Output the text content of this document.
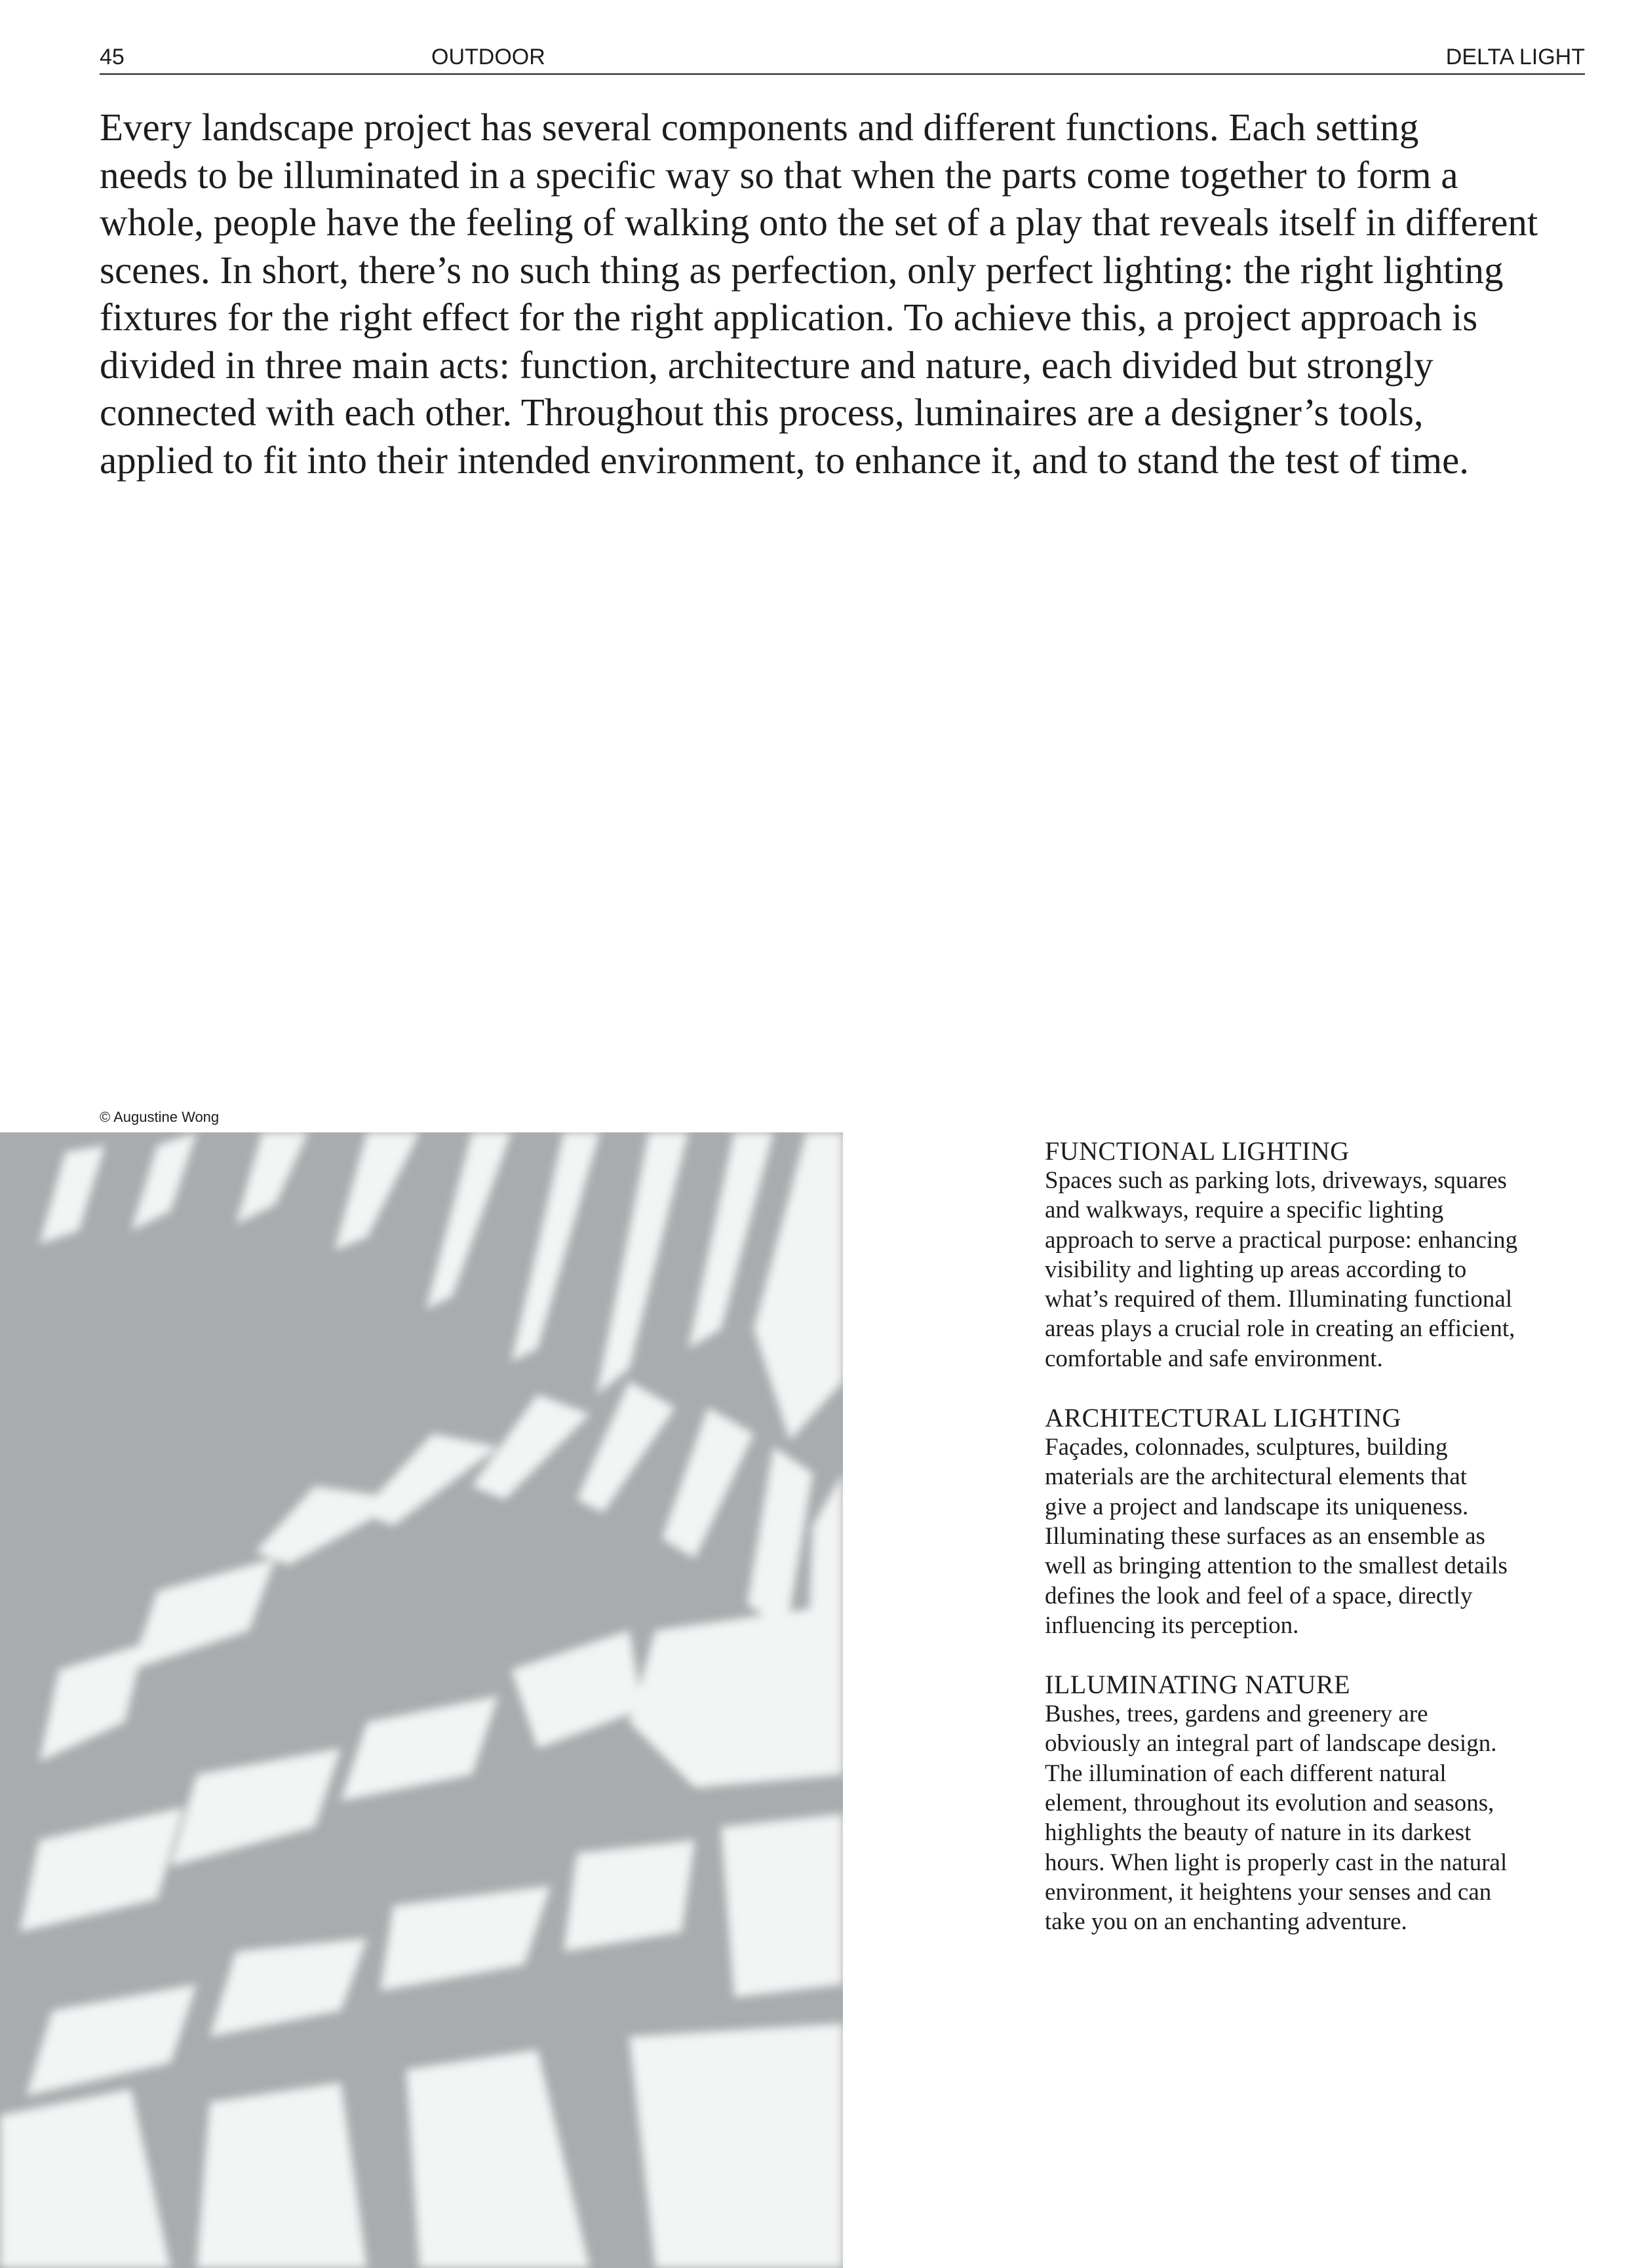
45	OUTDOOR	DELTA LIGHT

Every landscape project has several components and different functions. Each setting
needs to be illuminated in a specific way so that when the parts come together to form a
whole, people have the feeling of walking onto the set of a play that reveals itself in different
scenes. In short, there’s no such thing as perfection, only perfect lighting: the right lighting
fixtures for the right effect for the right application. To achieve this, a project approach is
divided in three main acts: function, architecture and nature, each divided but strongly
connected with each other. Throughout this process, luminaires are a designer’s tools,
applied to fit into their intended environment, to enhance it, and to stand the test of time.

© Augustine Wong
FUNCTIONAL LIGHTING
Spaces such as parking lots, driveways, squares
and walkways, require a specific lighting
approach to serve a practical purpose: enhancing
visibility and lighting up areas according to
what’s required of them. Illuminating functional
areas plays a crucial role in creating an efficient,
comfortable and safe environment.
ARCHITECTURAL LIGHTING
Façades, colonnades, sculptures, building
materials are the architectural elements that
give a project and landscape its uniqueness.
Illuminating these surfaces as an ensemble as
well as bringing attention to the smallest details
defines the look and feel of a space, directly
influencing its perception.
ILLUMINATING NATURE
Bushes, trees, gardens and greenery are
obviously an integral part of landscape design.
The illumination of each different natural
element, throughout its evolution and seasons,
highlights the beauty of nature in its darkest
hours. When light is properly cast in the natural
environment, it heightens your senses and can
take you on an enchanting adventure.
